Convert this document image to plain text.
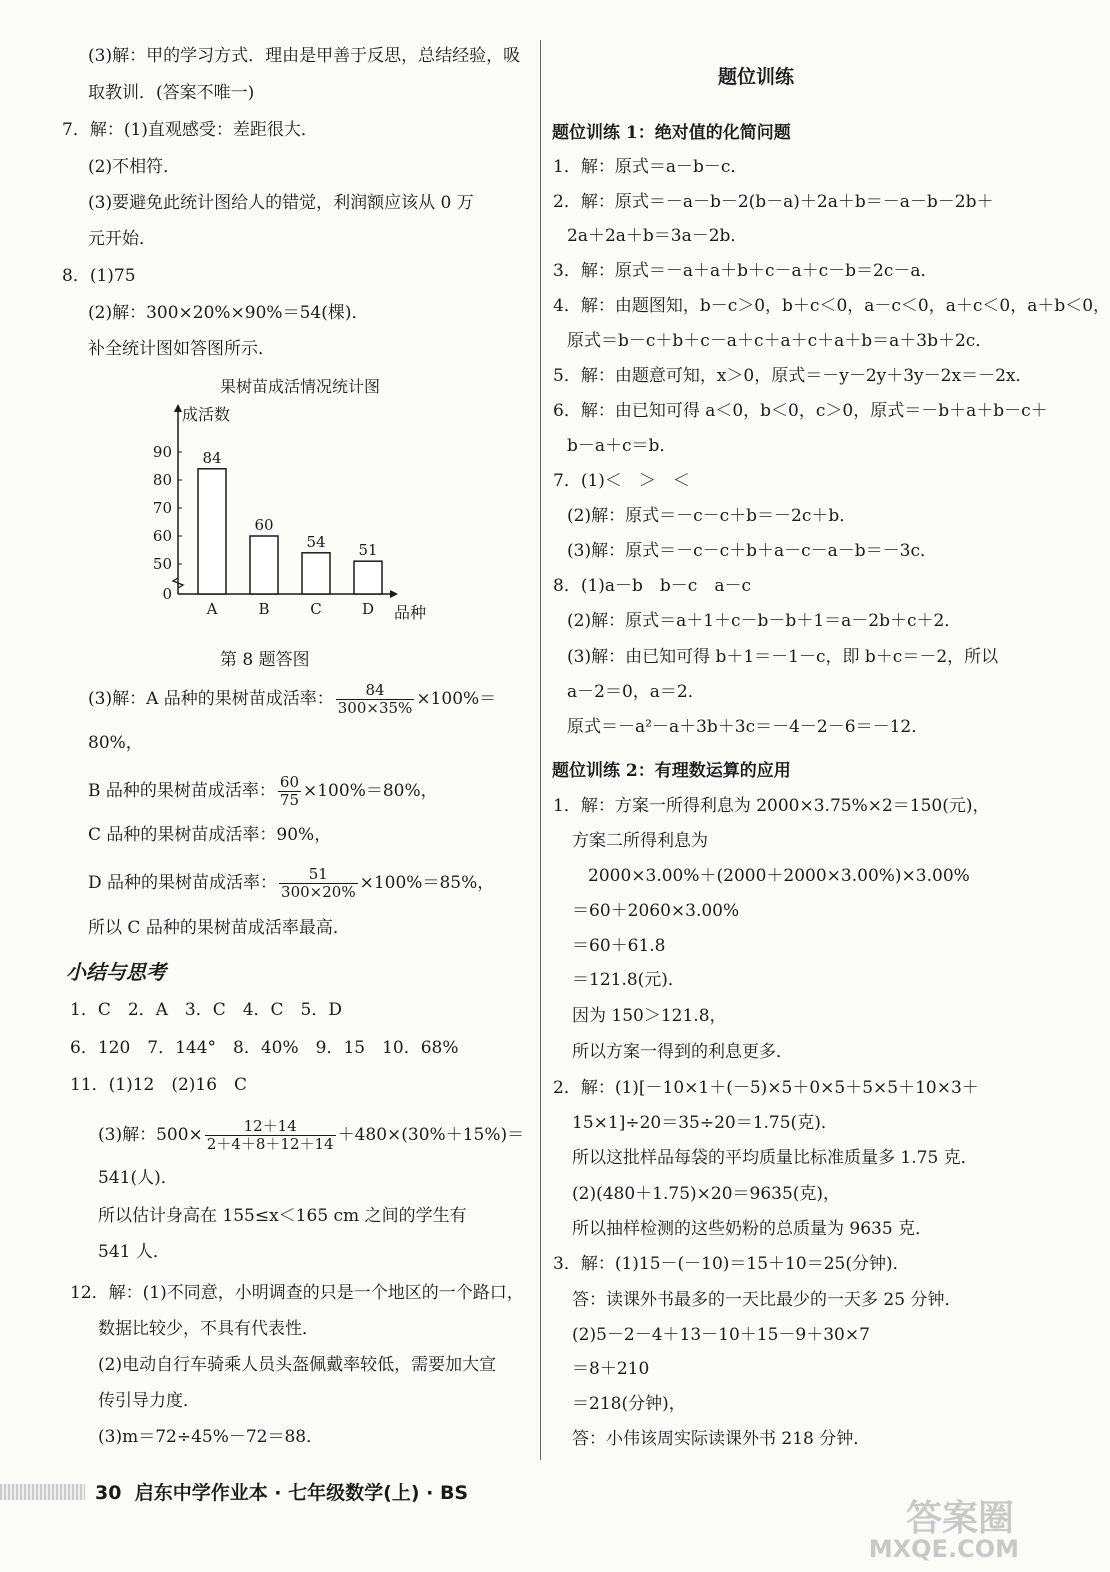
(3)解：甲的学习方式．理由是甲善于反思，总结经验，吸
取教训．(答案不唯一)
7．解：(1)直观感受：差距很大．
(2)不相符．
(3)要避免此统计图给人的错觉，利润额应该从 0 万
元开始．
8．(1)75
(2)解：300×20%×90%＝54(棵)．
补全统计图如答图所示．
果树苗成活情况统计图
成活数
品种
0
50
60
70
80
90 84
A
60
B
54
C
51
D
第 8 题答图
(3)解：A 品种的果树苗成活率： $\frac{84}{300\times 35\%} \times 100\%=$
80%，
B 品种的果树苗成活率： $\frac{60}{75} \times 100\%=80\%$，
C 品种的果树苗成活率：90%，
D 品种的果树苗成活率： $\frac{51}{300\times 20\%} \times 100\%=85\%$，
所以 C 品种的果树苗成活率最高．
小结与思考
1．C　2．A　3．C　4．C　5．D
6．120　7．144°　8．40%　9．15　10．68%
11．(1)12　(2)16　C
(3)解：$500\times \frac{12+14}{2+4+8+12+14} +480\times(30\%+15\%)=$
541(人)．
所以估计身高在 155≤x＜165 cm 之间的学生有
541 人．
12．解：(1)不同意，小明调查的只是一个地区的一个路口，
数据比较少，不具有代表性．
(2)电动自行车骑乘人员头盔佩戴率较低，需要加大宣
传引导力度．
(3)m＝72÷45%－72＝88．
题位训练
题位训练 1：绝对值的化简问题
1．解：原式＝a－b－c．
2．解：原式＝－a－b－2(b－a)＋2a＋b＝－a－b－2b＋
2a＋2a＋b＝3a－2b．
3．解：原式＝－a＋a＋b＋c－a＋c－b＝2c－a．
4．解：由题图知，b－c＞0，b＋c＜0，a－c＜0，a＋c＜0，a＋b＜0，
原式＝b－c＋b＋c－a＋c＋a＋c＋a＋b＝a＋3b＋2c．
5．解：由题意可知，x＞0，原式＝－y－2y＋3y－2x＝－2x．
6．解：由已知可得 a＜0，b＜0，c＞0，原式＝－b＋a＋b－c＋
b－a＋c＝b．
7．(1)＜　＞　＜
(2)解：原式＝－c－c＋b＝－2c＋b．
(3)解：原式＝－c－c＋b＋a－c－a－b＝－3c．
8．(1)a－b　b－c　a－c
(2)解：原式＝a＋1＋c－b－b＋1＝a－2b＋c＋2．
(3)解：由已知可得 b＋1＝－1－c，即 b＋c＝－2，所以
a－2＝0，a＝2．
原式＝－a²－a＋3b＋3c＝－4－2－6＝－12．
题位训练 2：有理数运算的应用
1．解：方案一所得利息为 2000×3.75%×2＝150(元)，
方案二所得利息为
2000×3.00%＋(2000＋2000×3.00%)×3.00%
＝60＋2060×3.00%
＝60＋61.8
＝121.8(元)．
因为 150＞121.8，
所以方案一得到的利息更多．
2．解：(1)[－10×1＋(－5)×5＋0×5＋5×5＋10×3＋
15×1]÷20＝35÷20＝1.75(克)．
所以这批样品每袋的平均质量比标准质量多 1.75 克．
(2)(480＋1.75)×20＝9635(克)，
所以抽样检测的这些奶粉的总质量为 9635 克．
3．解：(1)15－(－10)＝15＋10＝25(分钟)．
答：读课外书最多的一天比最少的一天多 25 分钟．
(2)5－2－4＋13－10＋15－9＋30×7
＝8＋210
＝218(分钟)，
答：小伟该周实际读课外书 218 分钟．
30 启东中学作业本 · 七年级数学(上) · BS
答案圈
MXQE.COM
